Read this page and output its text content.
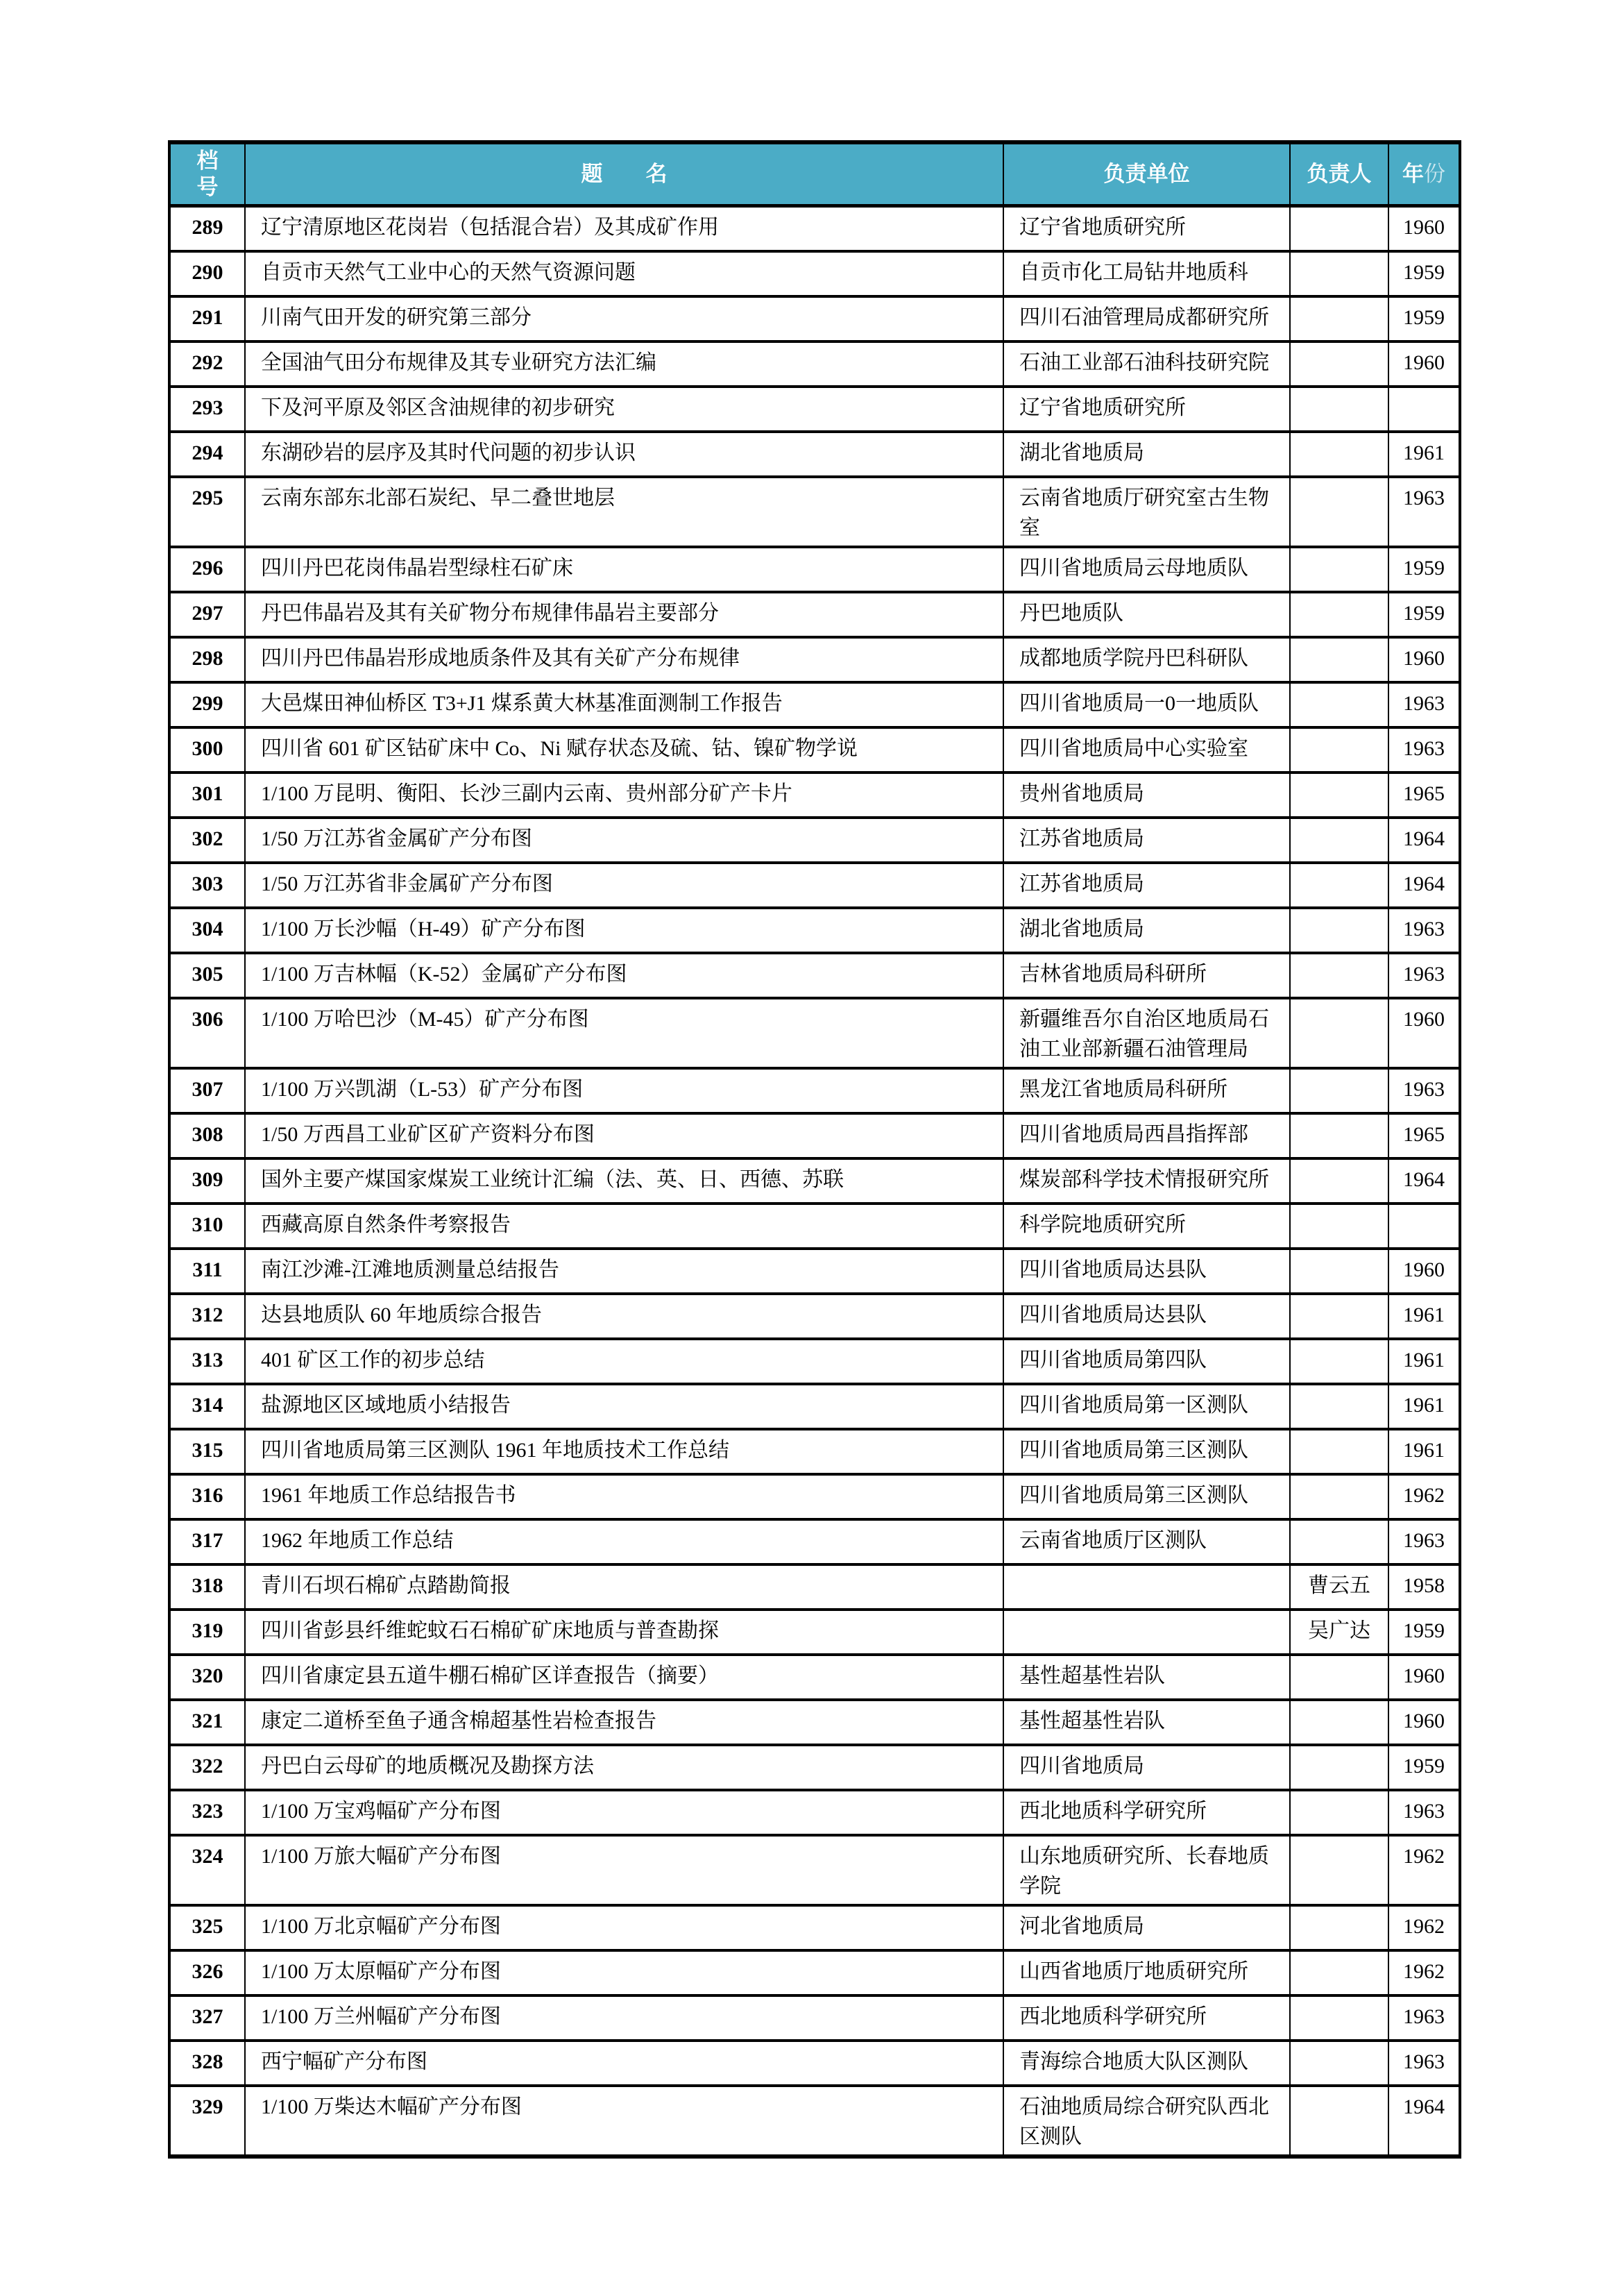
档
号	题　　名	负责单位	负责人	年份
289	辽宁清原地区花岗岩（包括混合岩）及其成矿作用	辽宁省地质研究所		1960
290	自贡市天然气工业中心的天然气资源问题	自贡市化工局钻井地质科		1959
291	川南气田开发的研究第三部分	四川石油管理局成都研究所		1959
292	全国油气田分布规律及其专业研究方法汇编	石油工业部石油科技研究院		1960
293	下及河平原及邻区含油规律的初步研究	辽宁省地质研究所		
294	东湖砂岩的层序及其时代问题的初步认识	湖北省地质局		1961
295	云南东部东北部石炭纪、早二叠世地层	云南省地质厅研究室古生物室		1963
296	四川丹巴花岗伟晶岩型绿柱石矿床	四川省地质局云母地质队		1959
297	丹巴伟晶岩及其有关矿物分布规律伟晶岩主要部分	丹巴地质队		1959
298	四川丹巴伟晶岩形成地质条件及其有关矿产分布规律	成都地质学院丹巴科研队		1960
299	大邑煤田神仙桥区 T3+J1 煤系黄大林基准面测制工作报告	四川省地质局一0一地质队		1963
300	四川省 601 矿区钴矿床中 Co、Ni 赋存状态及硫、钴、镍矿物学说	四川省地质局中心实验室		1963
301	1/100 万昆明、衡阳、长沙三副内云南、贵州部分矿产卡片	贵州省地质局		1965
302	1/50 万江苏省金属矿产分布图	江苏省地质局		1964
303	1/50 万江苏省非金属矿产分布图	江苏省地质局		1964
304	1/100 万长沙幅（H-49）矿产分布图	湖北省地质局		1963
305	1/100 万吉林幅（K-52）金属矿产分布图	吉林省地质局科研所		1963
306	1/100 万哈巴沙（M-45）矿产分布图	新疆维吾尔自治区地质局石油工业部新疆石油管理局		1960
307	1/100 万兴凯湖（L-53）矿产分布图	黑龙江省地质局科研所		1963
308	1/50 万西昌工业矿区矿产资料分布图	四川省地质局西昌指挥部		1965
309	国外主要产煤国家煤炭工业统计汇编（法、英、日、西德、苏联	煤炭部科学技术情报研究所		1964
310	西藏高原自然条件考察报告	科学院地质研究所		
311	南江沙滩-江滩地质测量总结报告	四川省地质局达县队		1960
312	达县地质队 60 年地质综合报告	四川省地质局达县队		1961
313	401 矿区工作的初步总结	四川省地质局第四队		1961
314	盐源地区区域地质小结报告	四川省地质局第一区测队		1961
315	四川省地质局第三区测队 1961 年地质技术工作总结	四川省地质局第三区测队		1961
316	1961 年地质工作总结报告书	四川省地质局第三区测队		1962
317	1962 年地质工作总结	云南省地质厅区测队		1963
318	青川石坝石棉矿点踏勘简报		曹云五	1958
319	四川省彭县纤维蛇蚊石石棉矿矿床地质与普查勘探		吴广达	1959
320	四川省康定县五道牛棚石棉矿区详查报告（摘要）	基性超基性岩队		1960
321	康定二道桥至鱼子通含棉超基性岩检查报告	基性超基性岩队		1960
322	丹巴白云母矿的地质概况及勘探方法	四川省地质局		1959
323	1/100 万宝鸡幅矿产分布图	西北地质科学研究所		1963
324	1/100 万旅大幅矿产分布图	山东地质研究所、长春地质学院		1962
325	1/100 万北京幅矿产分布图	河北省地质局		1962
326	1/100 万太原幅矿产分布图	山西省地质厅地质研究所		1962
327	1/100 万兰州幅矿产分布图	西北地质科学研究所		1963
328	西宁幅矿产分布图	青海综合地质大队区测队		1963
329	1/100 万柴达木幅矿产分布图	石油地质局综合研究队西北区测队		1964
